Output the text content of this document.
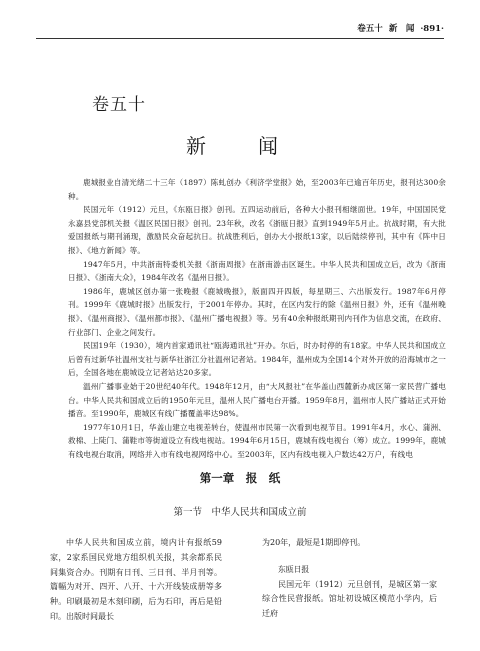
卷五十 新　闻 ·891·
卷五十
新　闻

鹿城报业自清光绪二十三年（1897）陈虬创办《利济学堂报》始，至2003年已逾百年历史，报刊达300余种。

民国元年（1912）元旦，《东瓯日报》创刊。五四运动前后，各种大小报刊相继面世。19年，中国国民党永嘉县党部机关报《温区民国日报》创刊。23年秋，改名《浙瓯日报》直到1949年5月止。抗战时期，有大批爱国报纸与期刊涌现，激励民众奋起抗日。抗战胜利后，创办大小报纸13家，以后陆续停刊，其中有《阵中日报》、《地方新闻》等。

1947年5月，中共浙南特委机关报《浙南周报》在浙南游击区诞生。中华人民共和国成立后，改为《浙南日报》、《浙南大众》，1984年改名《温州日报》。

1986年，鹿城区创办第一张晚报《鹿城晚报》，版面四开四版，每星期三、六出版发行。1987年6月停刊。1999年《鹿城时报》出版发行，于2001年停办。其时，在区内发行的除《温州日报》外，还有《温州晚报》、《温州商报》、《温州都市报》、《温州广播电视报》等。另有40余种报纸期刊内刊作为信息交流，在政府、行业部门、企业之间发行。

民国19年（1930），境内首家通讯社“瓯海通讯社”开办。尔后，时办时停的有18家。中华人民共和国成立后曾有过新华社温州支社与新华社浙江分社温州记者站。1984年，温州成为全国14个对外开放的沿海城市之一后，全国各地在鹿城设立记者站达20多家。

温州广播事业始于20世纪40年代。1948年12月，由“大风报社”在华盖山西麓新办成区第一家民营广播电台。中华人民共和国成立后的1950年元旦，温州人民广播电台开播。1959年8月，温州市人民广播站正式开始播音。至1990年，鹿城区有线广播覆盖率达98%。

1977年10月1日，华盖山建立电视差转台，使温州市民第一次看到电视节目。1991年4月，水心、蒲洲、救棉、上陡门、蒲鞋市等街道设立有线电视站。1994年6月15日，鹿城有线电视台（筹）成立。1999年，鹿城有线电视台取消，网络并入市有线电视网络中心。至2003年，区内有线电视入户数达42万户，有线电

第一章　报　纸
第一节　中华人民共和国成立前

中华人民共和国成立前，境内计有报纸59家，2家系国民党地方组织机关报，其余都系民间集资合办。刊期有日刊、三日刊、半月刊等。篇幅为对开、四开、八开、十六开线装成册等多种。印刷最初是木刻印刷，后为石印，再后是铅印。出版时间最长

为20年，最短是1期即停刊。

东瓯日报

民国元年（1912）元旦创刊，是城区第一家综合性民营报纸。馆址初设城区模范小学内，后迁府
